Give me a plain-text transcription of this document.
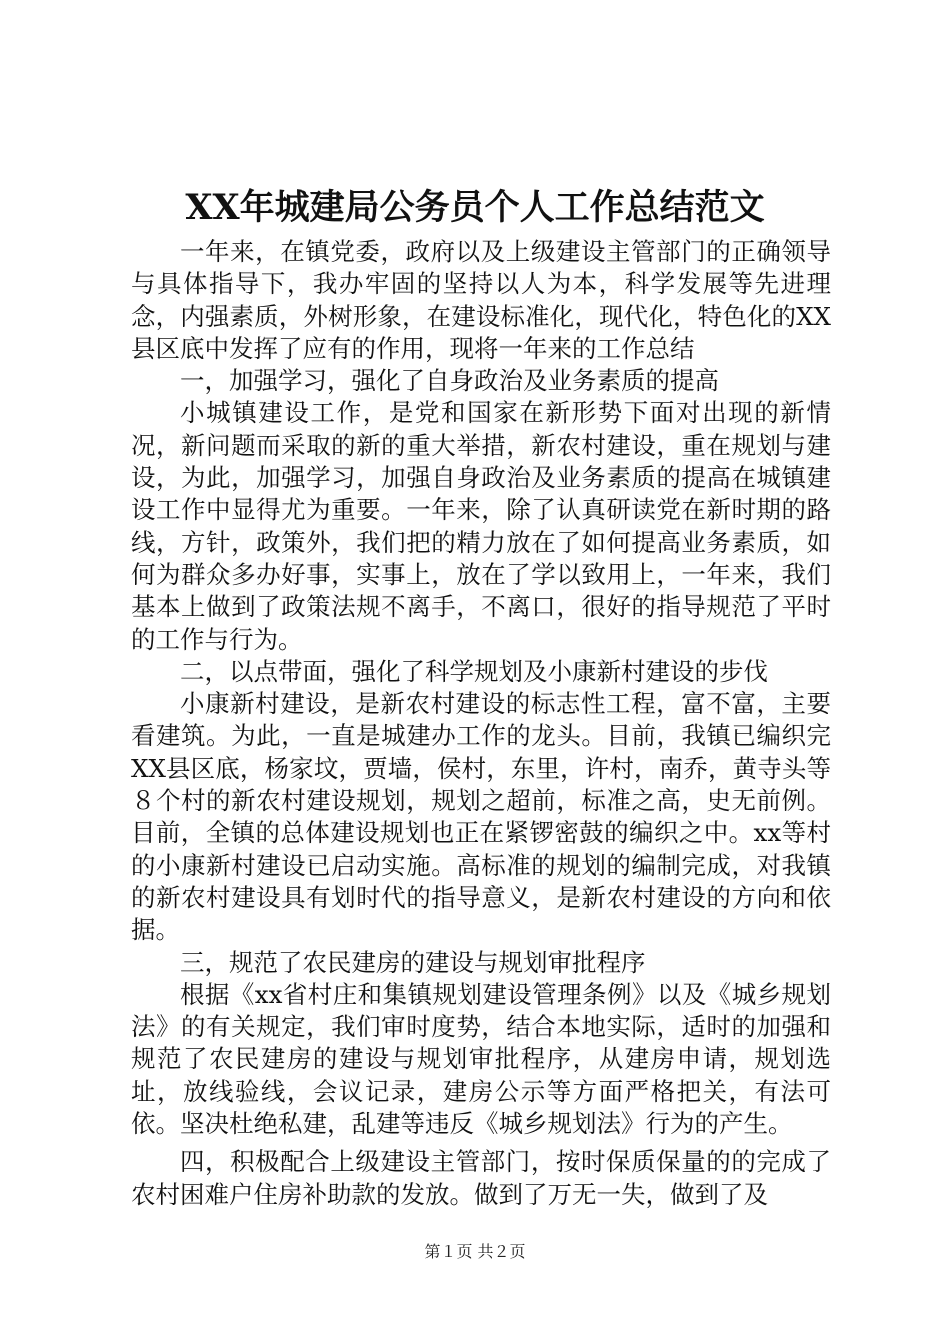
XX年城建局公务员个人工作总结范文

一年来，在镇党委，政府以及上级建设主管部门的正确领导与具体指导下，我办牢固的坚持以人为本，科学发展等先进理念，内强素质，外树形象，在建设标准化，现代化，特色化的XX县区底中发挥了应有的作用，现将一年来的工作总结

一，加强学习，强化了自身政治及业务素质的提高

小城镇建设工作，是党和国家在新形势下面对出现的新情况，新问题而采取的新的重大举措，新农村建设，重在规划与建设，为此，加强学习，加强自身政治及业务素质的提高在城镇建设工作中显得尤为重要。一年来，除了认真研读党在新时期的路线，方针，政策外，我们把的精力放在了如何提高业务素质，如何为群众多办好事，实事上，放在了学以致用上，一年来，我们基本上做到了政策法规不离手，不离口，很好的指导规范了平时的工作与行为。

二，以点带面，强化了科学规划及小康新村建设的步伐

小康新村建设，是新农村建设的标志性工程，富不富，主要看建筑。为此，一直是城建办工作的龙头。目前，我镇已编织完XX县区底，杨家坟，贾墙，侯村，东里，许村，南乔，黄寺头等８个村的新农村建设规划，规划之超前，标准之高，史无前例。目前，全镇的总体建设规划也正在紧锣密鼓的编织之中。xx等村的小康新村建设已启动实施。高标准的规划的编制完成，对我镇的新农村建设具有划时代的指导意义，是新农村建设的方向和依据。

三，规范了农民建房的建设与规划审批程序

根据《xx省村庄和集镇规划建设管理条例》以及《城乡规划法》的有关规定，我们审时度势，结合本地实际，适时的加强和规范了农民建房的建设与规划审批程序，从建房申请，规划选址，放线验线，会议记录，建房公示等方面严格把关，有法可依。坚决杜绝私建，乱建等违反《城乡规划法》行为的产生。

四，积极配合上级建设主管部门，按时保质保量的的完成了农村困难户住房补助款的发放。做到了万无一失，做到了及

第１页 共２页
